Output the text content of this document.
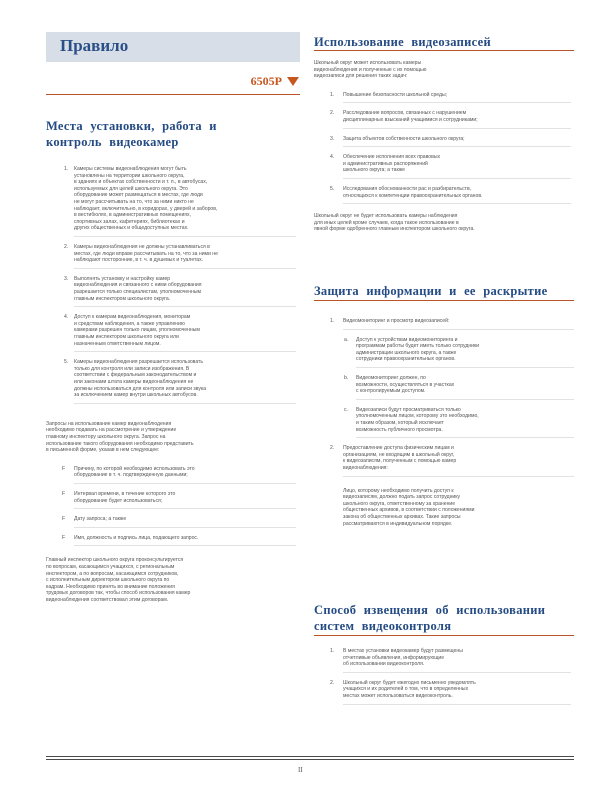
Правило
6505P
Места установки, работа и
контроль видеокамер
1. Камеры системы видеонаблюдения могут быть
установлены на территории школьного округа,
в зданиях и объектах собственности и т. п., в автобусах,
используемых для целей школьного округа. Это
оборудование может размещаться в местах, где люди
не могут рассчитывать на то, что за ними никто не
наблюдает, включительно, в коридорах, у дверей и заборов,
в вестибюлях, в административных помещениях,
спортивных залах, кафетериях, библиотеках и
других общественных и общедоступных местах.
2. Камеры видеонаблюдения не должны устанавливаться в
местах, где люди вправе рассчитывать на то, что за ними не
наблюдают посторонние, в т. ч. в душевых и туалетах.
3. Выполнять установку и настройку камер
видеонаблюдения и связанного с ними оборудования
разрешается только специалистам, уполномоченным
главным инспектором школьного округа.
4. Доступ к камерам видеонаблюдения, мониторам
и средствам наблюдения, а также управлению
камерами разрешен только лицам, уполномоченным
главным инспектором школьного округа или
назначенным ответственным лицом.
5. Камеры видеонаблюдения разрешается использовать
только для контроля или записи изображения. В
соответствии с федеральным законодательством и
или законами штата камеры видеонаблюдения не
должны использоваться для контроля или записи звука
за исключением камер внутри школьных автобусов.
Запросы на использование камер видеонаблюдения
необходимо подавать на рассмотрение и утверждение
главному инспектору школьного округа. Запрос на
использование такого оборудования необходимо представить
в письменной форме, указав в нем следующее:
F Причину, по которой необходимо использовать это
оборудование в т. ч. подтвержденную данными;
F Интервал времени, в течение которого это
оборудование будет использоваться;
F Дату запроса; а также
F Имя, должность и подпись лица, подающего запрос.
Главный инспектор школьного округа проконсультируется
по вопросам, касающимся учащихся, с региональным
инспектором, а по вопросам, касающимся сотрудников,
с исполнительным директором школьного округа по
кадрам. Необходимо принять во внимание положения
трудовых договоров так, чтобы способ использования камер
видеонаблюдения соответствовал этим договорам.
Использование видеозаписей
Школьный округ может использовать камеры
видеонаблюдения и полученные с их помощью
видеозаписи для решения таких задач:
1. Повышение безопасности школьной среды;
2. Расследование вопросов, связанных с нарушением
дисциплинарных взысканий учащимися и сотрудниками;
3. Защита объектов собственности школьного округа;
4. Обеспечение исполнения всех правовых
и административных распоряжений
школьного округа; а также
5. Исследования обоснованности рас и разбирательств,
относящихся к компетенции правоохранительных органов.
Школьный округ не будет использовать камеры наблюдения
для иных целей кроме случаев, когда такое использование в
явной форме одобренного главным инспектором школьного округа.
1. Видеомониторинг и просмотр видеозаписей:
a. Доступ к устройствам видеомониторинга и
программам работы будет иметь только сотрудники
администрации школьного округа, а также
сотрудники правоохранительных органов.
b. Видеомониторинг должен, по
возможности, осуществляться в участках
с контролируемым доступом.
c. Видеозаписи будут просматриваться только
уполномоченным лицом, которому это необходимо,
и таким образом, который исключает
возможность публичного просмотра.
2. Предоставление доступа физическим лицам и
организациям, не входящим в школьный округ,
к видеозаписям, полученным с помощью камер
видеонаблюдения:
Лицо, которому необходимо получить доступ к
видеозаписям, должно подать запрос сотруднику
школьного округа, ответственному за хранение
общественных архивов, в соответствии с положениями
закона об общественных архивах. Такие запросы
рассматриваются в индивидуальном порядке.
1. В местах установки видеокамер будут размещены
отчетливые объявления, информирующие
об использовании видеоконтроля.
2. Школьный округ будет ежегодно письменно уведомлять
учащихся и их родителей о том, что в определенных
местах может использоваться видеоконтроль.
Защита информации и ее раскрытие
Способ извещения об использовании
систем видеоконтроля
II
